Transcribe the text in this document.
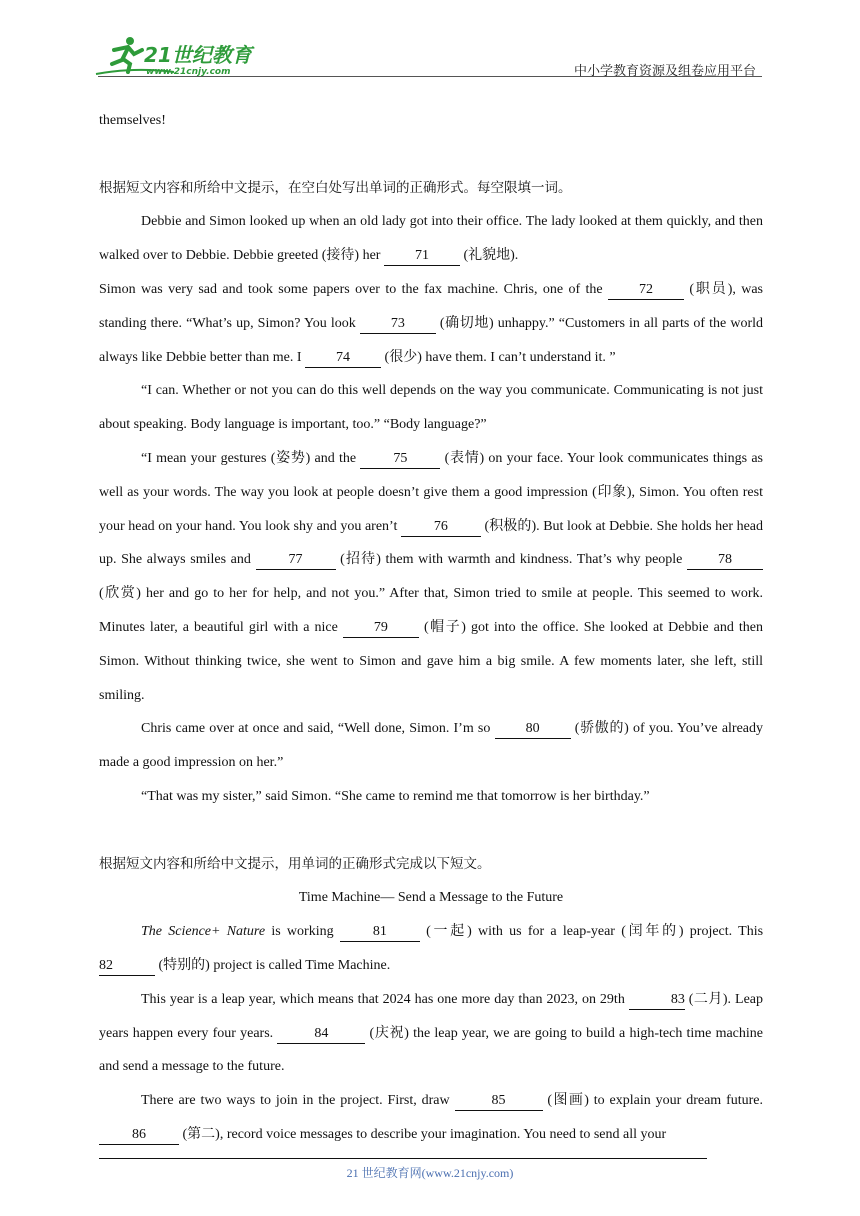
21世纪教育
www.21cnjy.com	中小学教育资源及组卷应用平台

themselves!

根据短文内容和所给中文提示，在空白处写出单词的正确形式。每空限填一词。

Debbie and Simon looked up when an old lady got into their office. The lady looked at them quickly, and then walked over to Debbie. Debbie greeted (接待) her 71 (礼貌地).

Simon was very sad and took some papers over to the fax machine. Chris, one of the	72	(职员), was standing there. “What’s up, Simon? You look	73	(确切地) unhappy.” “Customers in all parts of the world always like Debbie better than me. I 74 (很少) have them. I can’t understand it. ”

“I can. Whether or not you can do this well depends on the way you communicate. Communicating is not just about speaking. Body language is important, too.” “Body language?”

“I mean your gestures (姿势) and the	75	(表情) on your face. Your look communicates things as well as your words. The way you look at people doesn’t give them a good impression (印象), Simon. You often rest your head on your hand. You look shy and you aren’t	76	(积极的). But look at Debbie. She holds her head up. She always smiles and	77	(招待) them with warmth and kindness. That’s why people	78 (欣赏) her and go to her for help, and not you.” After that, Simon tried to smile at people. This seemed to work. Minutes later, a beautiful girl with a nice	79	(帽子) got into the office. She looked at Debbie and then Simon. Without thinking twice, she went to Simon and gave him a big smile. A few moments later, she left, still smiling.

Chris came over at once and said, “Well done, Simon. I’m so	80	(骄傲的) of you. You’ve already made a good impression on her.”

“That was my sister,” said Simon. “She came to remind me that tomorrow is her birthday.”

根据短文内容和所给中文提示，用单词的正确形式完成以下短文。

Time Machine— Send a Message to the Future

The Science+ Nature is working	81	(一起) with us for a leap-year (闰年的) project. This 82	(特别的) project is called Time Machine.

This year is a leap year, which means that 2024 has one more day than 2023, on 29th	83 (二月). Leap years happen every four years.	84	(庆祝) the leap year, we are going to build a high-tech time machine and send a message to the future.

There are two ways to join in the project. First, draw	85	(图画) to explain your dream future. 86	(第二), record voice messages to describe your imagination. You need to send all your

21 世纪教育网(www.21cnjy.com)
